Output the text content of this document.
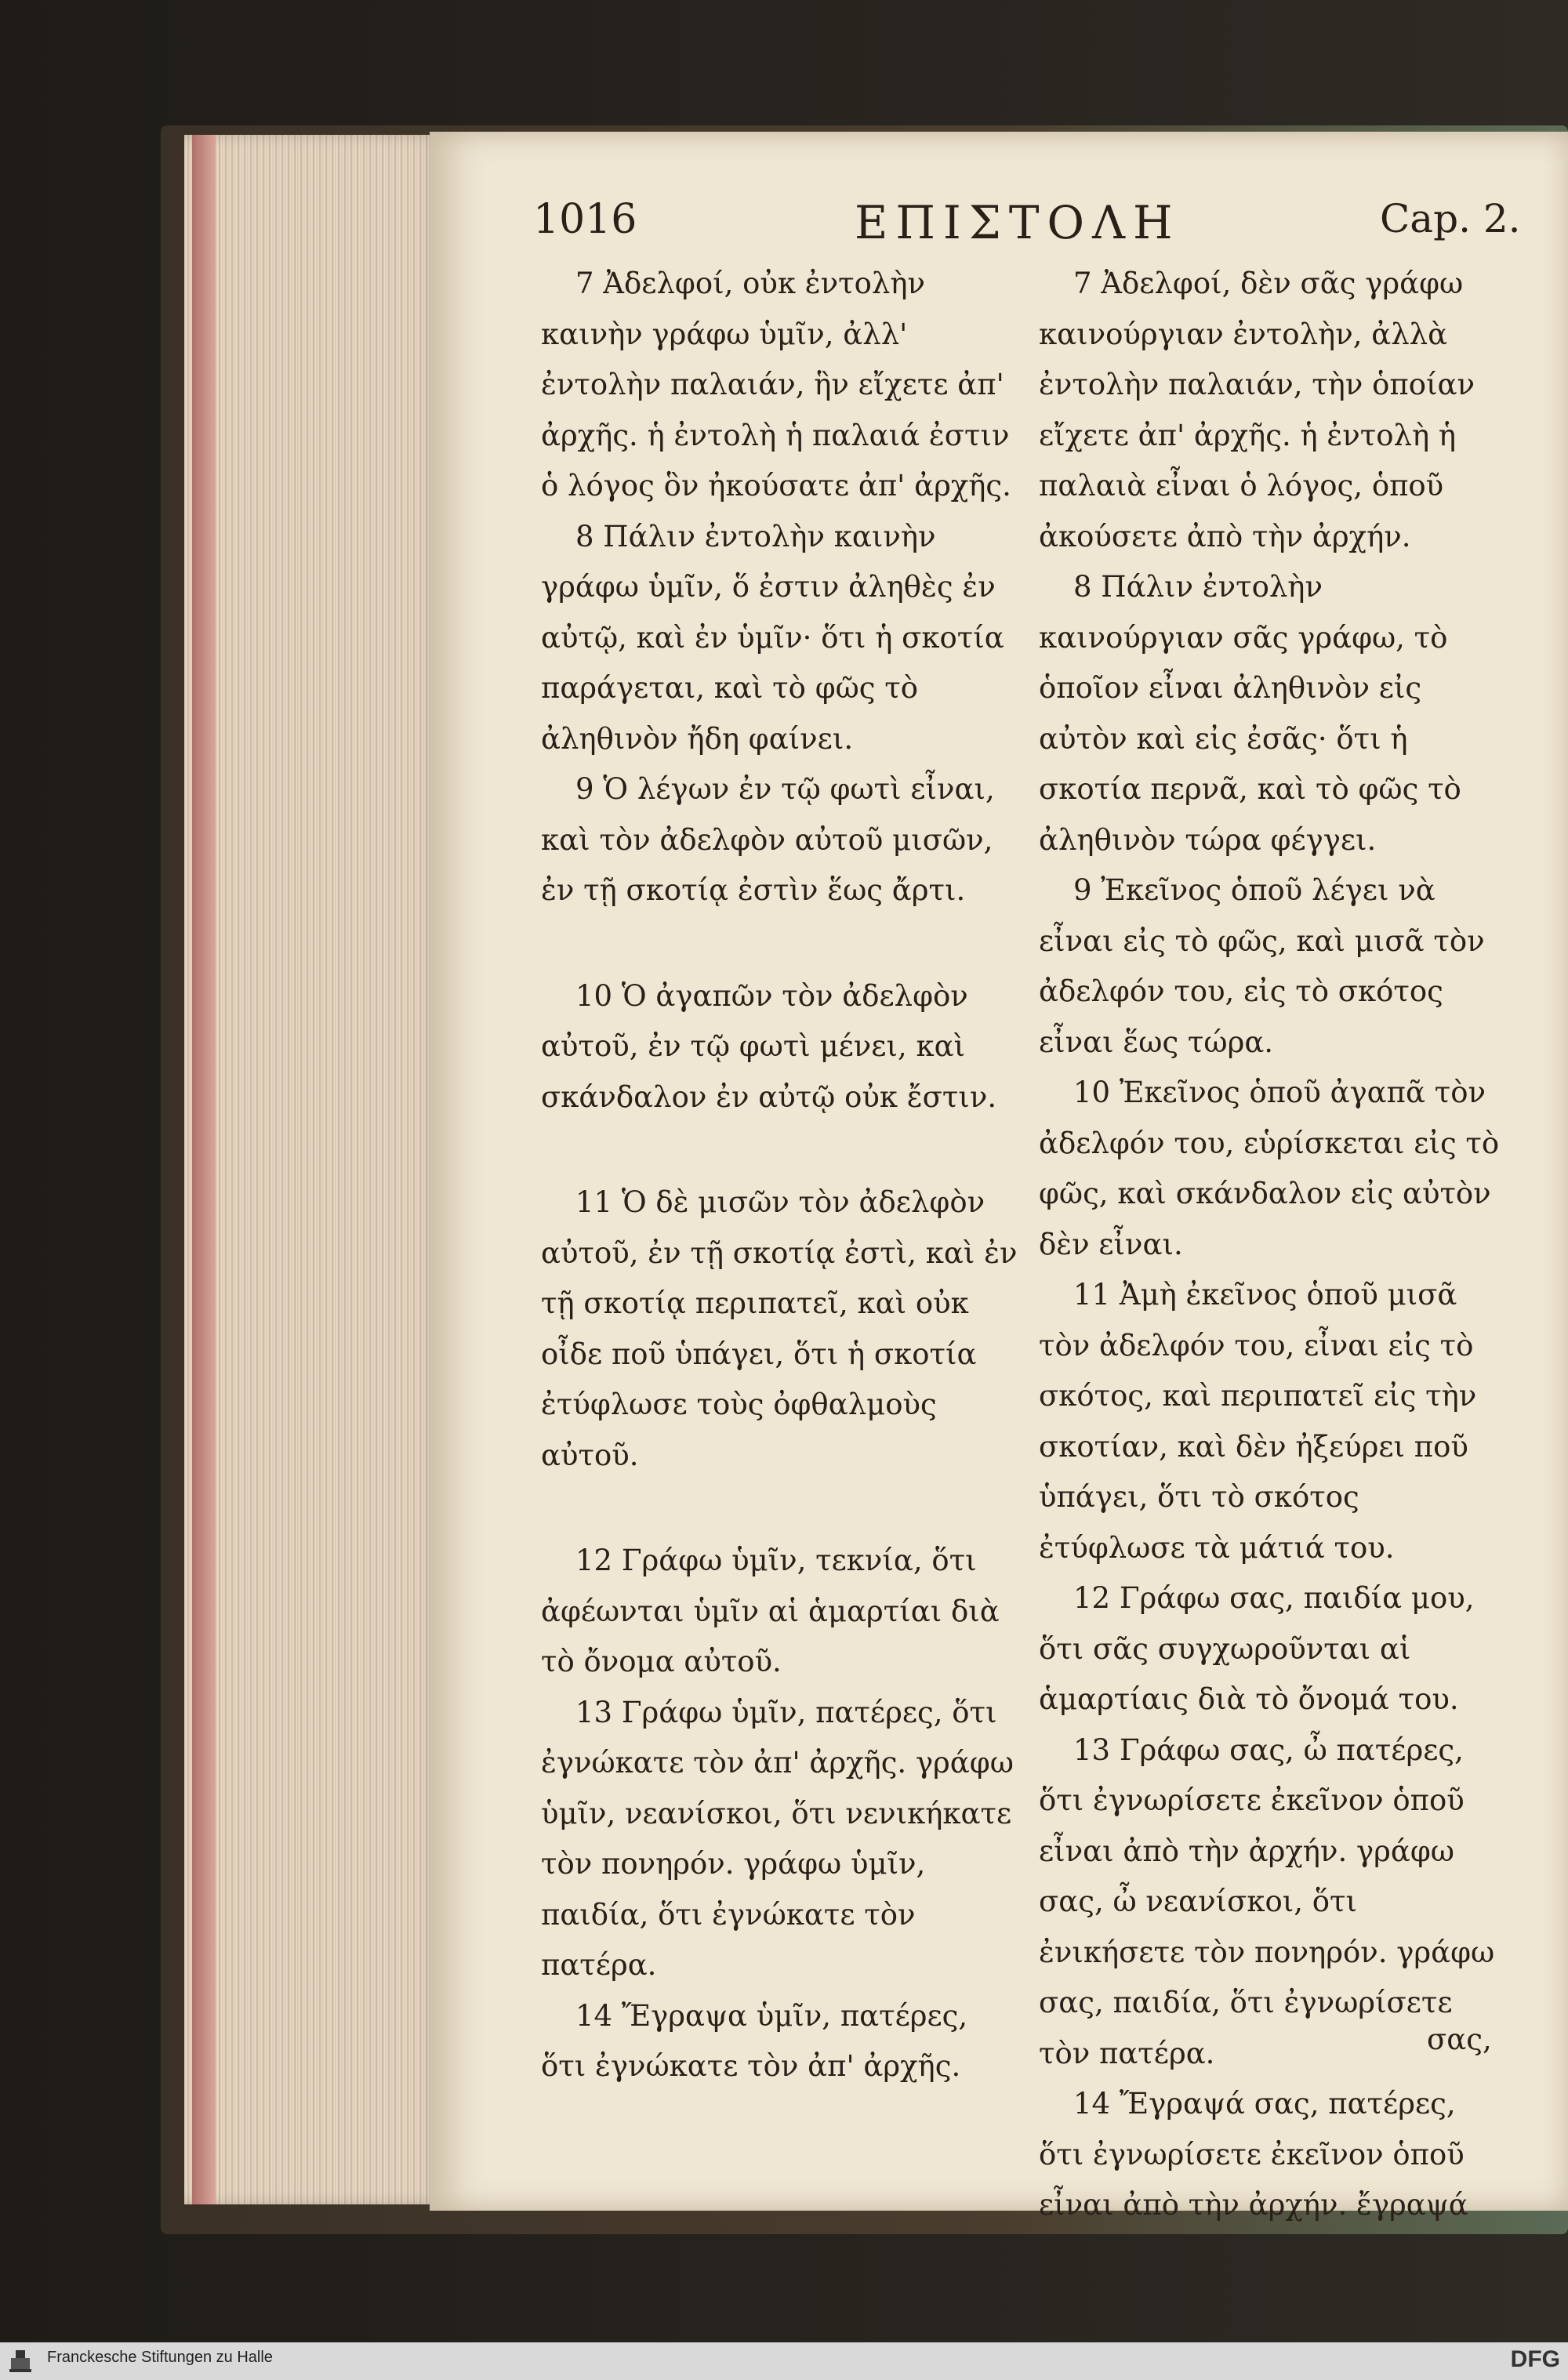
1016	ΕΠΙΣΤΟΛΗ	Cap. 2.

7 Ἀδελφοί, οὐκ ἐντολὴν καινὴν γράφω ὑμῖν, ἀλλ' ἐντολὴν παλαιάν, ἣν εἴχετε ἀπ' ἀρχῆς. ἡ ἐντολὴ ἡ παλαιά ἐστιν ὁ λόγος ὃν ἠκούσατε ἀπ' ἀρχῆς.

8 Πάλιν ἐντολὴν καινὴν γράφω ὑμῖν, ὅ ἐστιν ἀληθὲς ἐν αὐτῷ, καὶ ἐν ὑμῖν· ὅτι ἡ σκοτία παράγεται, καὶ τὸ φῶς τὸ ἀληθινὸν ἤδη φαίνει.

9 Ὁ λέγων ἐν τῷ φωτὶ εἶναι, καὶ τὸν ἀδελφὸν αὐτοῦ μισῶν, ἐν τῇ σκοτίᾳ ἐστὶν ἕως ἄρτι.

10 Ὁ ἀγαπῶν τὸν ἀδελφὸν αὐτοῦ, ἐν τῷ φωτὶ μένει, καὶ σκάνδαλον ἐν αὐτῷ οὐκ ἔστιν.

11 Ὁ δὲ μισῶν τὸν ἀδελφὸν αὐτοῦ, ἐν τῇ σκοτίᾳ ἐστὶ, καὶ ἐν τῇ σκοτίᾳ περιπατεῖ, καὶ οὐκ οἶδε ποῦ ὑπάγει, ὅτι ἡ σκοτία ἐτύφλωσε τοὺς ὀφθαλμοὺς αὐτοῦ.

12 Γράφω ὑμῖν, τεκνία, ὅτι ἀφέωνται ὑμῖν αἱ ἁμαρτίαι διὰ τὸ ὄνομα αὐτοῦ.

13 Γράφω ὑμῖν, πατέρες, ὅτι ἐγνώκατε τὸν ἀπ' ἀρχῆς. γράφω ὑμῖν, νεανίσκοι, ὅτι νενικήκατε τὸν πονηρόν. γράφω ὑμῖν, παιδία, ὅτι ἐγνώκατε τὸν πατέρα.

14 Ἔγραψα ὑμῖν, πατέρες, ὅτι ἐγνώκατε τὸν ἀπ' ἀρχῆς.

7 Ἀδελφοί, δὲν σᾶς γράφω καινούργιαν ἐντολὴν, ἀλλὰ ἐντολὴν παλαιάν, τὴν ὁποίαν εἴχετε ἀπ' ἀρχῆς. ἡ ἐντολὴ ἡ παλαιὰ εἶναι ὁ λόγος, ὁποῦ ἀκούσετε ἀπὸ τὴν ἀρχήν.

8 Πάλιν ἐντολὴν καινούργιαν σᾶς γράφω, τὸ ὁποῖον εἶναι ἀληθινὸν εἰς αὐτὸν καὶ εἰς ἐσᾶς· ὅτι ἡ σκοτία περνᾶ, καὶ τὸ φῶς τὸ ἀληθινὸν τώρα φέγγει.

9 Ἐκεῖνος ὁποῦ λέγει νὰ εἶναι εἰς τὸ φῶς, καὶ μισᾶ τὸν ἀδελφόν του, εἰς τὸ σκότος εἶναι ἕως τώρα.

10 Ἐκεῖνος ὁποῦ ἀγαπᾶ τὸν ἀδελφόν του, εὑρίσκεται εἰς τὸ φῶς, καὶ σκάνδαλον εἰς αὐτὸν δὲν εἶναι.

11 Ἀμὴ ἐκεῖνος ὁποῦ μισᾶ τὸν ἀδελφόν του, εἶναι εἰς τὸ σκότος, καὶ περιπατεῖ εἰς τὴν σκοτίαν, καὶ δὲν ἠξεύρει ποῦ ὑπάγει, ὅτι τὸ σκότος ἐτύφλωσε τὰ μάτιά του.

12 Γράφω σας, παιδία μου, ὅτι σᾶς συγχωροῦνται αἱ ἁμαρτίαις διὰ τὸ ὄνομά του.

13 Γράφω σας, ὦ πατέρες, ὅτι ἐγνωρίσετε ἐκεῖνον ὁποῦ εἶναι ἀπὸ τὴν ἀρχήν. γράφω σας, ὦ νεανίσκοι, ὅτι ἐνικήσετε τὸν πονηρόν. γράφω σας, παιδία, ὅτι ἐγνωρίσετε τὸν πατέρα.

14 Ἔγραψά σας, πατέρες, ὅτι ἐγνωρίσετε ἐκεῖνον ὁποῦ εἶναι ἀπὸ τὴν ἀρχήν. ἔγραψά

σας,
Franckesche Stiftungen zu Halle	DFG
